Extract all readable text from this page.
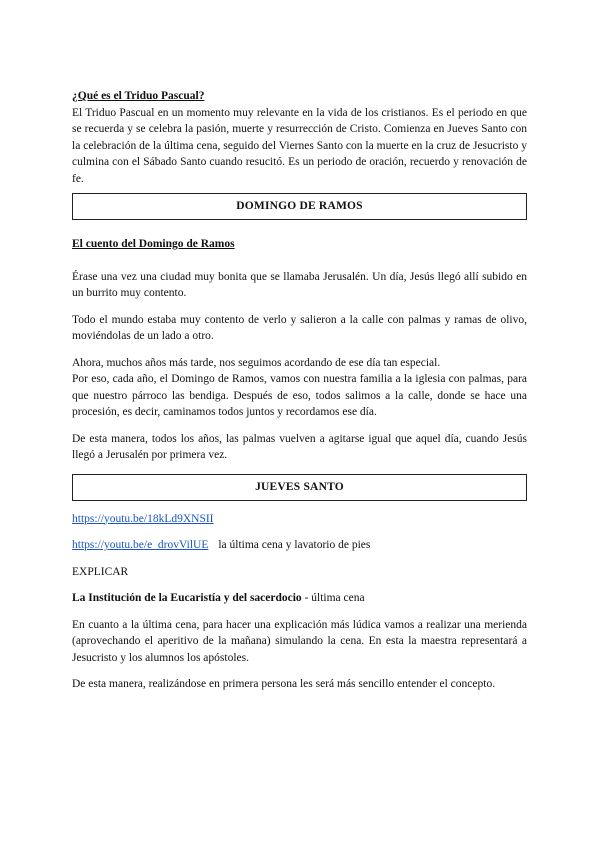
¿Qué es el Triduo Pascual?

El Triduo Pascual en un momento muy relevante en la vida de los cristianos. Es el periodo en que se recuerda y se celebra la pasión, muerte y resurrección de Cristo. Comienza en Jueves Santo con la celebración de la última cena, seguido del Viernes Santo con la muerte en la cruz de Jesucristo y culmina con el Sábado Santo cuando resucitó. Es un periodo de oración, recuerdo y renovación de fe.

DOMINGO DE RAMOS

El cuento del Domingo de Ramos

Érase una vez una ciudad muy bonita que se llamaba Jerusalén. Un día, Jesús llegó allí subido en un burrito muy contento.

Todo el mundo estaba muy contento de verlo y salieron a la calle con palmas y ramas de olivo, moviéndolas de un lado a otro.

Ahora, muchos años más tarde, nos seguimos acordando de ese día tan especial.

Por eso, cada año, el Domingo de Ramos, vamos con nuestra familia a la iglesia con palmas, para que nuestro párroco las bendiga. Después de eso, todos salimos a la calle, donde se hace una procesión, es decir, caminamos todos juntos y recordamos ese día.

De esta manera, todos los años, las palmas vuelven a agitarse igual que aquel día, cuando Jesús llegó a Jerusalén por primera vez.

JUEVES SANTO

https://youtu.be/18kLd9XNSII

https://youtu.be/e_drovVilUE la última cena y lavatorio de pies

EXPLICAR

La Institución de la Eucaristía y del sacerdocio - última cena

En cuanto a la última cena, para hacer una explicación más lúdica vamos a realizar una merienda (aprovechando el aperitivo de la mañana) simulando la cena. En esta la maestra representará a Jesucristo y los alumnos los apóstoles.

De esta manera, realizándose en primera persona les será más sencillo entender el concepto.
